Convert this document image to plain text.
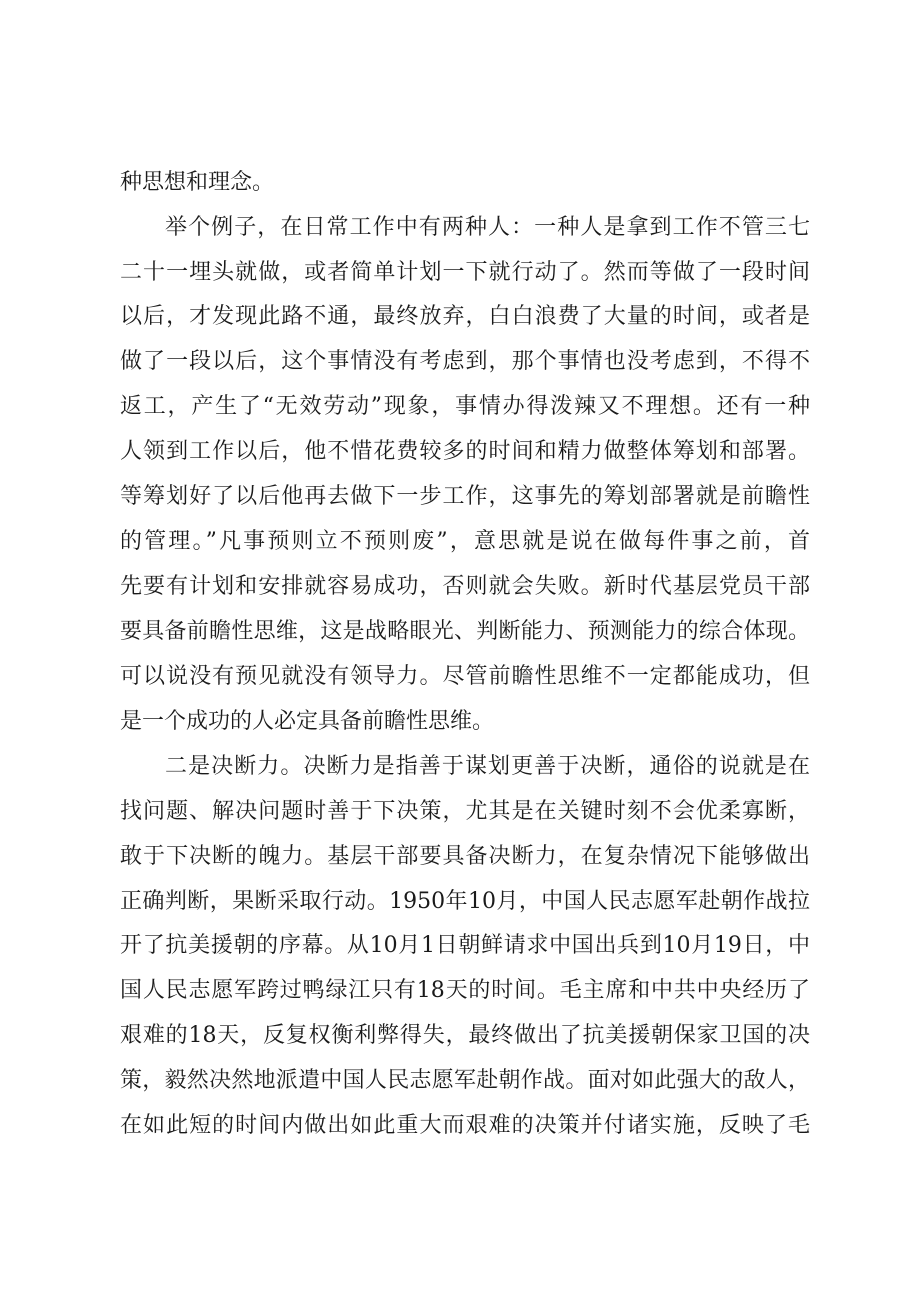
种思想和理念。
举个例子，在日常工作中有两种人：一种人是拿到工作不管三七
二十一埋头就做，或者简单计划一下就行动了。然而等做了一段时间
以后，才发现此路不通，最终放弃，白白浪费了大量的时间，或者是
做了一段以后，这个事情没有考虑到，那个事情也没考虑到，不得不
返工，产生了“无效劳动”现象，事情办得泼辣又不理想。还有一种
人领到工作以后，他不惜花费较多的时间和精力做整体筹划和部署。
等筹划好了以后他再去做下一步工作，这事先的筹划部署就是前瞻性
的管理。”凡事预则立不预则废”，意思就是说在做每件事之前，首
先要有计划和安排就容易成功，否则就会失败。新时代基层党员干部
要具备前瞻性思维，这是战略眼光、判断能力、预测能力的综合体现。
可以说没有预见就没有领导力。尽管前瞻性思维不一定都能成功，但
是一个成功的人必定具备前瞻性思维。
二是决断力。决断力是指善于谋划更善于决断，通俗的说就是在
找问题、解决问题时善于下决策，尤其是在关键时刻不会优柔寡断，
敢于下决断的魄力。基层干部要具备决断力，在复杂情况下能够做出
正确判断，果断采取行动。1950年10月，中国人民志愿军赴朝作战拉
开了抗美援朝的序幕。从10月1日朝鲜请求中国出兵到10月19日，中
国人民志愿军跨过鸭绿江只有18天的时间。毛主席和中共中央经历了
艰难的18天，反复权衡利弊得失，最终做出了抗美援朝保家卫国的决
策，毅然决然地派遣中国人民志愿军赴朝作战。面对如此强大的敌人，
在如此短的时间内做出如此重大而艰难的决策并付诸实施，反映了毛
